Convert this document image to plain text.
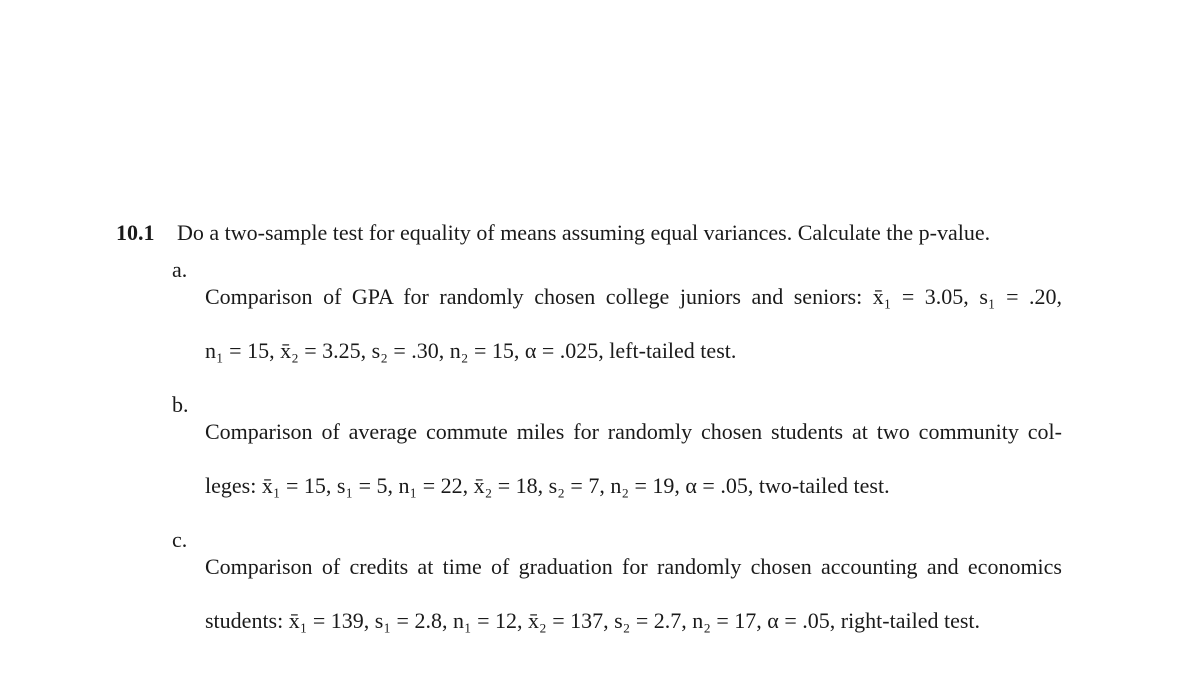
10.1 Do a two-sample test for equality of means assuming equal variances. Calculate the p-value.
a.

Comparison of GPA for randomly chosen college juniors and seniors: x̄₁ = 3.05, s₁ = .20,

n₁ = 15, x̄₂ = 3.25, s₂ = .30, n₂ = 15, α = .025, left-tailed test.

b.

Comparison of average commute miles for randomly chosen students at two community col-

leges: x̄₁ = 15, s₁ = 5, n₁ = 22, x̄₂ = 18, s₂ = 7, n₂ = 19, α = .05, two-tailed test.

c.

Comparison of credits at time of graduation for randomly chosen accounting and economics

students: x̄₁ = 139, s₁ = 2.8, n₁ = 12, x̄₂ = 137, s₂ = 2.7, n₂ = 17, α = .05, right-tailed test.
